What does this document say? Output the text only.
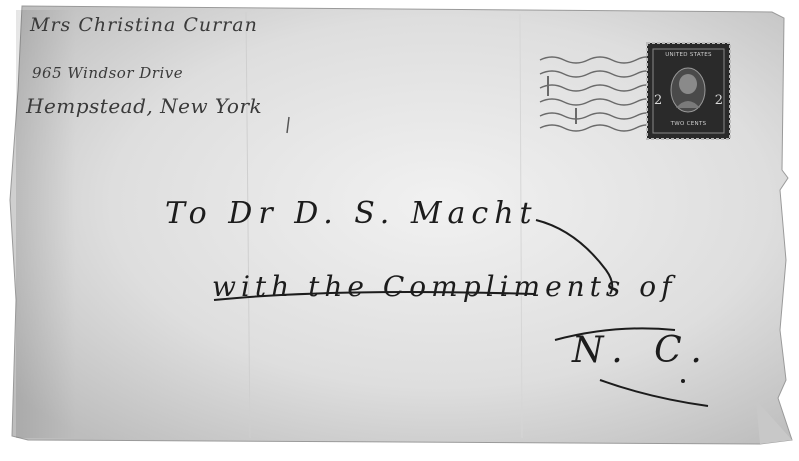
Mrs Christina Curran
965 Windsor Drive
Hempstead, New York
UNITED STATES
2	2
TWO CENTS
To Dr D. S. Macht
with the Compliments of
N. C.
